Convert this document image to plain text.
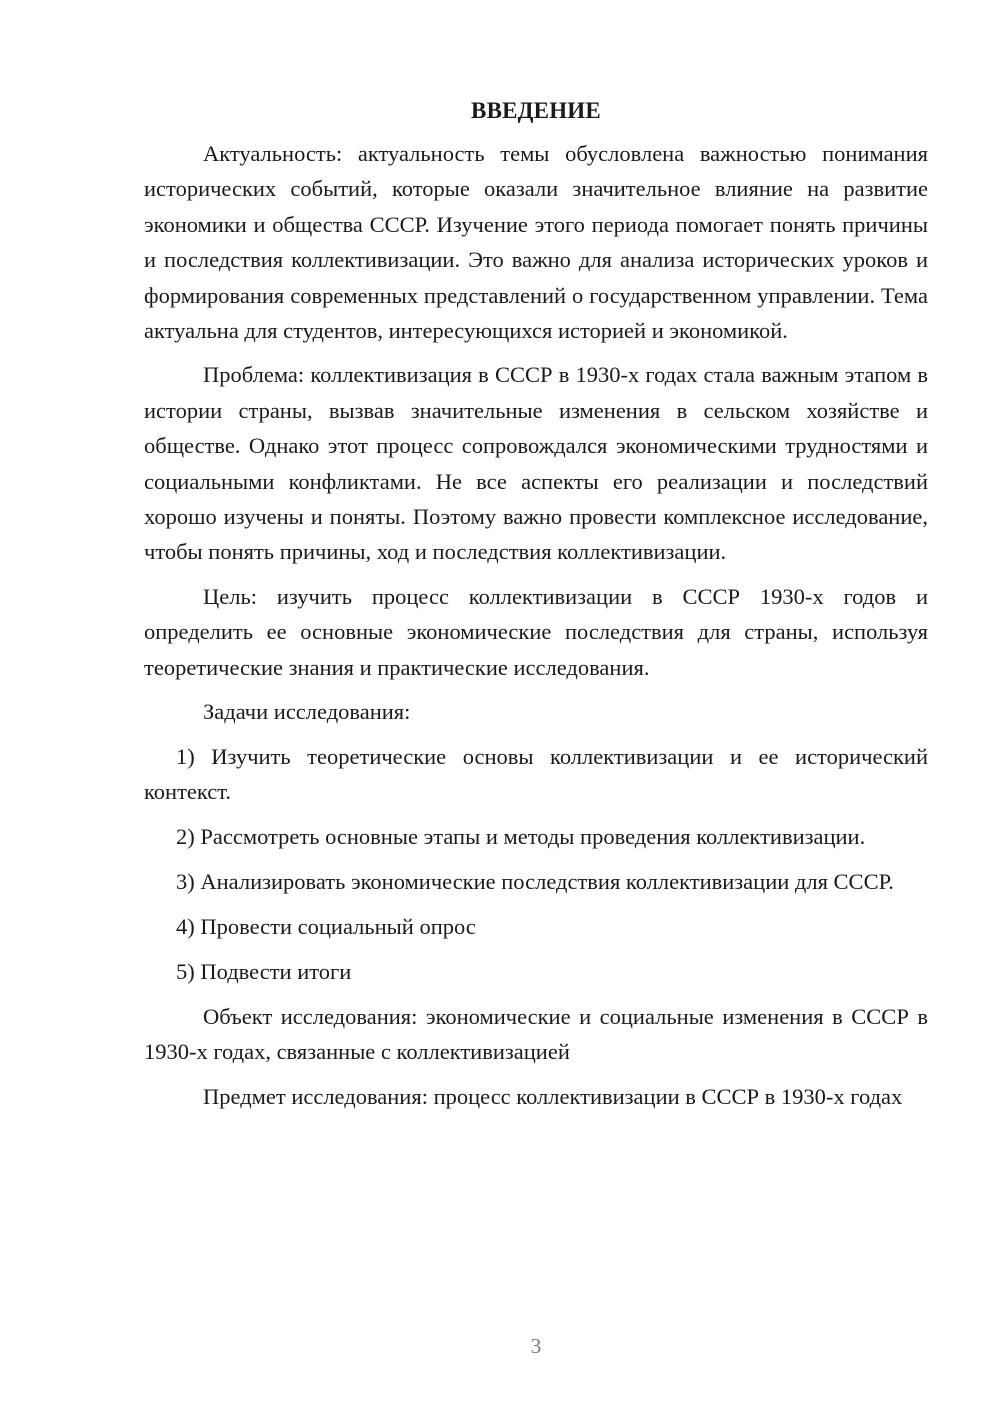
ВВЕДЕНИЕ

Актуальность: актуальность темы обусловлена важностью понимания исторических событий, которые оказали значительное влияние на развитие экономики и общества СССР. Изучение этого периода помогает понять причины и последствия коллективизации. Это важно для анализа исторических уроков и формирования современных представлений о государственном управлении. Тема актуальна для студентов, интересующихся историей и экономикой.

Проблема: коллективизация в СССР в 1930-х годах стала важным этапом в истории страны, вызвав значительные изменения в сельском хозяйстве и обществе. Однако этот процесс сопровождался экономическими трудностями и социальными конфликтами. Не все аспекты его реализации и последствий хорошо изучены и поняты. Поэтому важно провести комплексное исследование, чтобы понять причины, ход и последствия коллективизации.

Цель: изучить процесс коллективизации в СССР 1930-х годов и определить ее основные экономические последствия для страны, используя теоретические знания и практические исследования.

Задачи исследования:

1) Изучить теоретические основы коллективизации и ее исторический контекст.

2) Рассмотреть основные этапы и методы проведения коллективизации.

3) Анализировать экономические последствия коллективизации для СССР.

4) Провести социальный опрос

5) Подвести итоги

Объект исследования: экономические и социальные изменения в СССР в 1930-х годах, связанные с коллективизацией

Предмет исследования: процесс коллективизации в СССР в 1930-х годах

3
